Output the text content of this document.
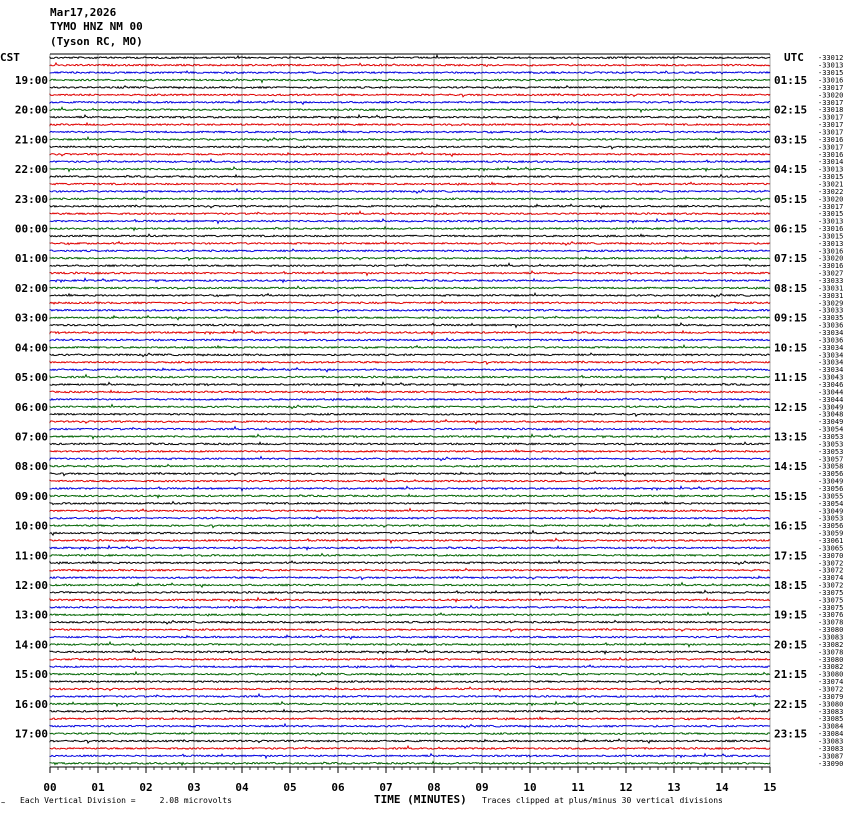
19:00
20:00
21:00
22:00
23:00
00:00
01:00
02:00
03:00
04:00
05:00
06:00
07:00
08:00
09:00
10:00
11:00
12:00
13:00
14:00
15:00
16:00
17:00
01:15
02:15
03:15
04:15
05:15
06:15
07:15
08:15
09:15
10:15
11:15
12:15
13:15
14:15
15:15
16:15
17:15
18:15
19:15
20:15
21:15
22:15
23:15
-33012
-33013
-33015
-33016
-33017
-33020
-33017
-33018
-33017
-33017
-33017
-33016
-33017
-33016
-33014
-33013
-33015
-33021
-33022
-33020
-33017
-33015
-33013
-33016
-33015
-33013
-33016
-33020
-33016
-33027
-33033
-33031
-33031
-33029
-33033
-33035
-33036
-33034
-33036
-33034
-33034
-33034
-33034
-33043
-33046
-33044
-33044
-33049
-33048
-33049
-33054
-33053
-33053
-33053
-33057
-33058
-33056
-33049
-33056
-33055
-33054
-33049
-33053
-33056
-33059
-33061
-33065
-33070
-33072
-33072
-33074
-33072
-33075
-33075
-33075
-33076
-33078
-33080
-33083
-33082
-33078
-33080
-33082
-33080
-33074
-33072
-33079
-33080
-33083
-33085
-33084
-33084
-33083
-33083
-33087
-33090
00	01	02	03	04	05	06	07	08	09	10	11	12	13	14	15
Mar17,2026
TYMO HNZ NM 00
(Tyson RC, MO)
CST	UTC
TIME (MINUTES)
Each Vertical Division =     2.08 microvolts	Traces clipped at plus/minus 30 vertical divisions
~
